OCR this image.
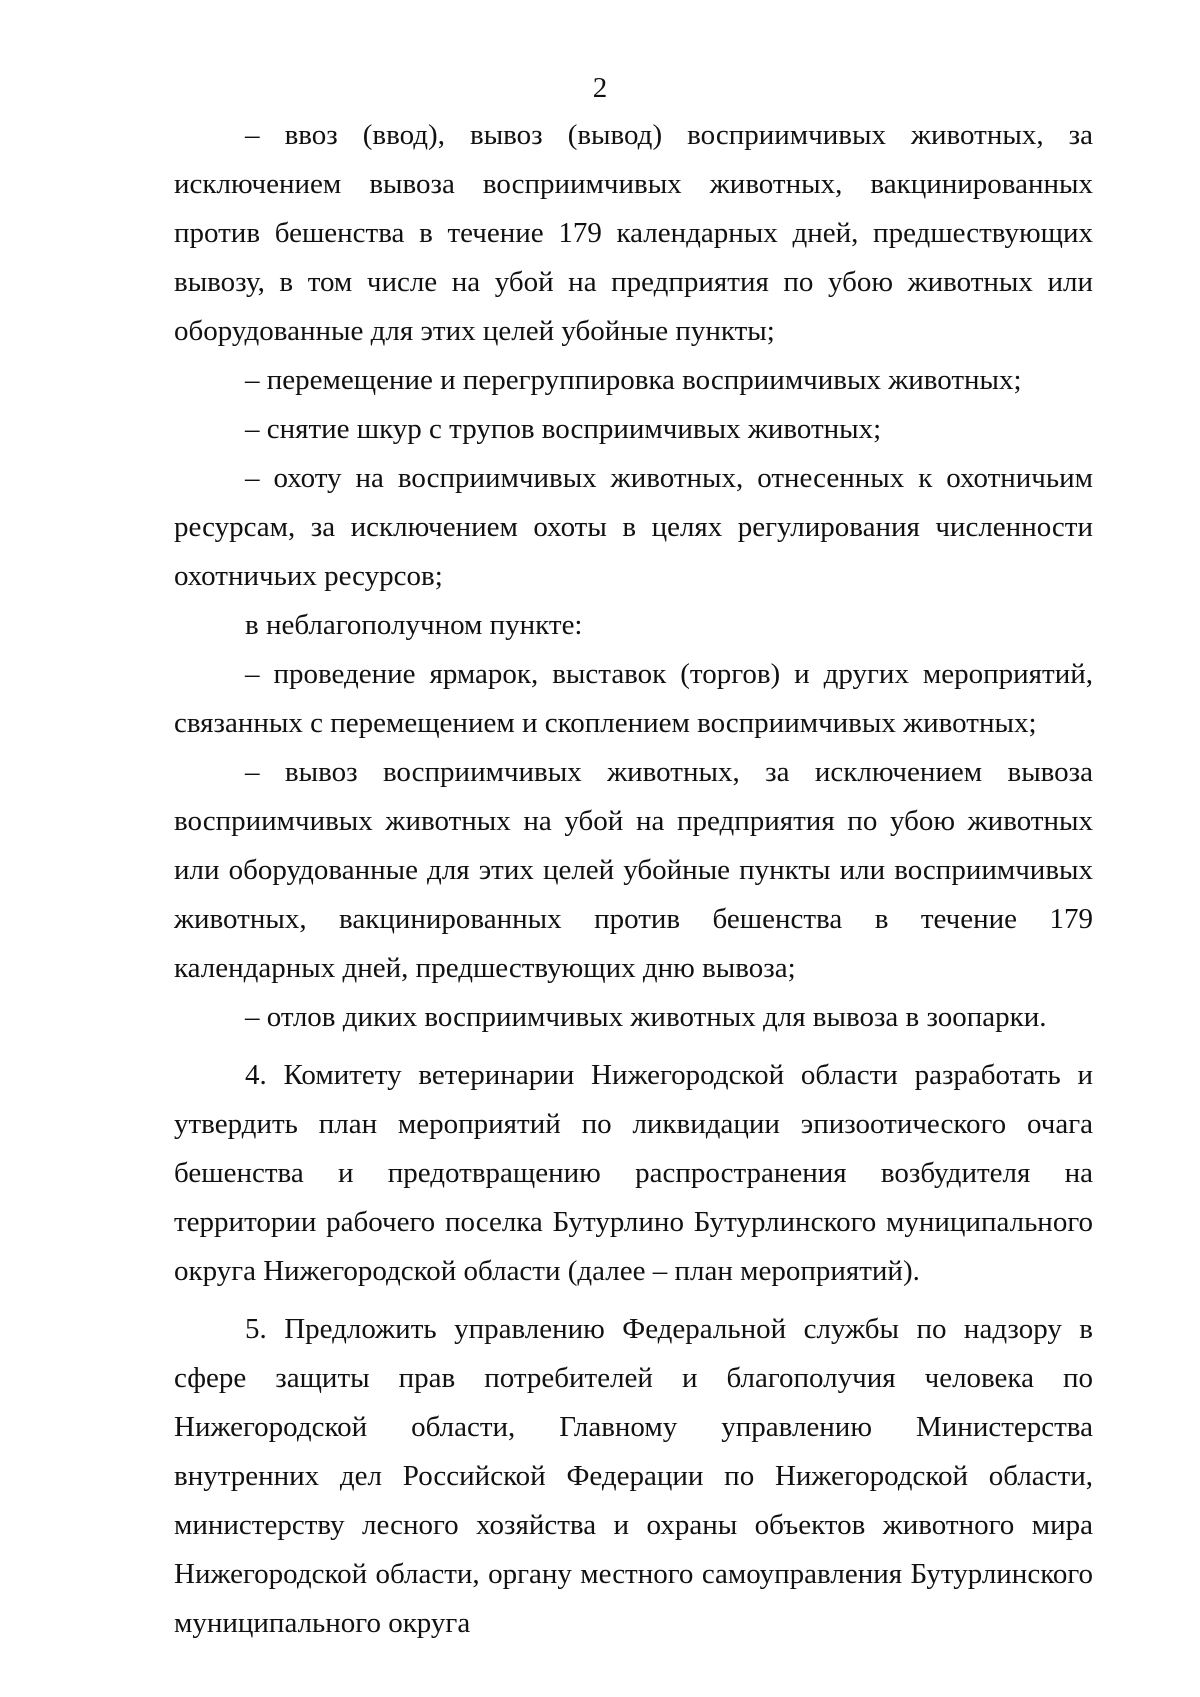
2

– ввоз (ввод), вывоз (вывод) восприимчивых животных, за исключением вывоза восприимчивых животных, вакцинированных против бешенства в течение 179 календарных дней, предшествующих вывозу, в том числе на убой на предприятия по убою животных или оборудованные для этих целей убойные пункты;

– перемещение и перегруппировка восприимчивых животных;

– снятие шкур с трупов восприимчивых животных;

– охоту на восприимчивых животных, отнесенных к охотничьим ресурсам, за исключением охоты в целях регулирования численности охотничьих ресурсов;

в неблагополучном пункте:

– проведение ярмарок, выставок (торгов) и других мероприятий, связанных с перемещением и скоплением восприимчивых животных;

– вывоз восприимчивых животных, за исключением вывоза восприимчивых животных на убой на предприятия по убою животных или оборудованные для этих целей убойные пункты или восприимчивых животных, вакцинированных против бешенства в течение 179 календарных дней, предшествующих дню вывоза;

– отлов диких восприимчивых животных для вывоза в зоопарки.

4. Комитету ветеринарии Нижегородской области разработать и утвердить план мероприятий по ликвидации эпизоотического очага бешенства и предотвращению распространения возбудителя на территории рабочего поселка Бутурлино Бутурлинского муниципального округа Нижегородской области (далее – план мероприятий).

5. Предложить управлению Федеральной службы по надзору в сфере защиты прав потребителей и благополучия человека по Нижегородской области, Главному управлению Министерства внутренних дел Российской Федерации по Нижегородской области, министерству лесного хозяйства и охраны объектов животного мира Нижегородской области, органу местного самоуправления Бутурлинского муниципального округа
